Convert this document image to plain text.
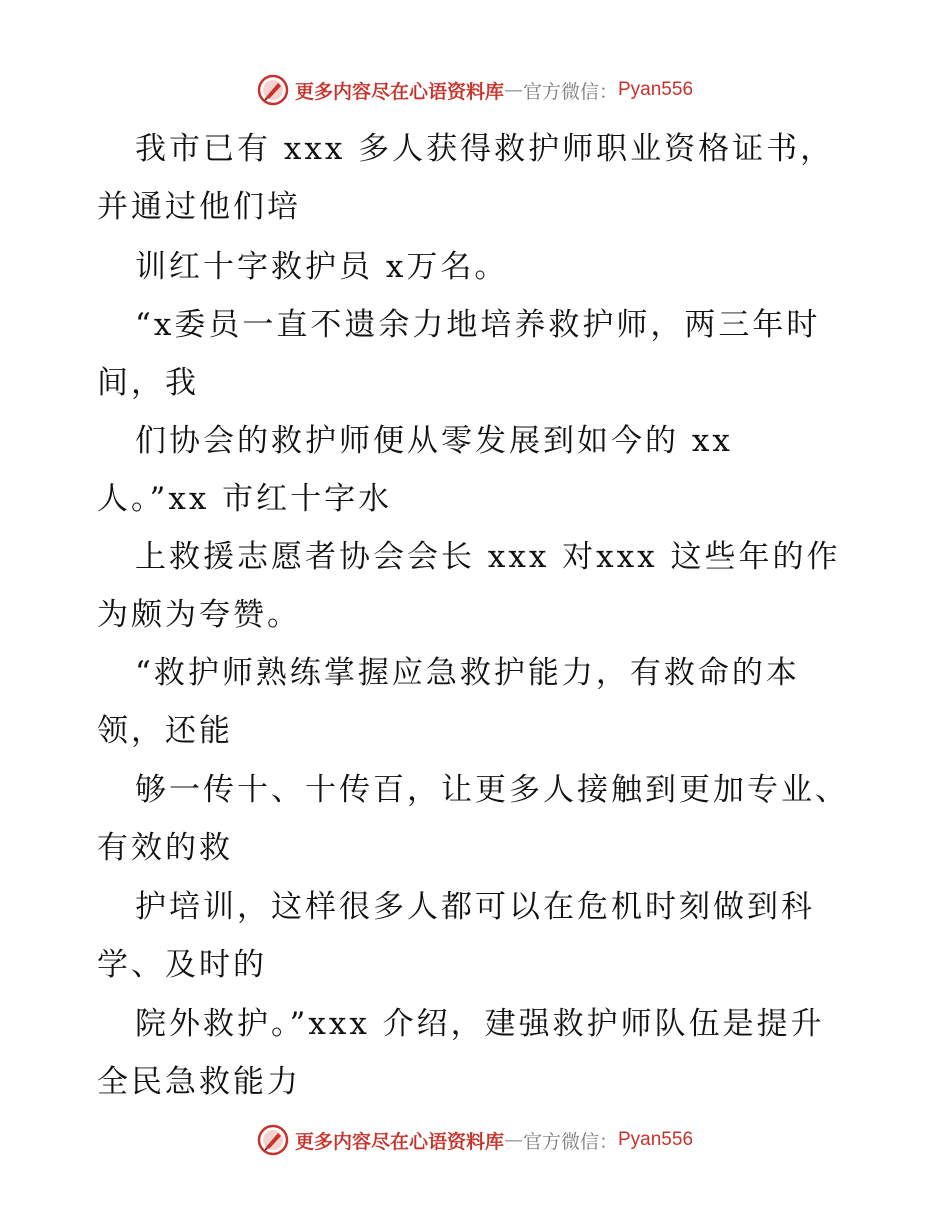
更多内容尽在心语资料库 — 官方微信： Pyan556
我市已有 xxx 多人获得救护师职业资格证书，
并通过他们培
训红十字救护员 x万名。
“x委员一直不遗余力地培养救护师，两三年时
间，我
们协会的救护师便从零发展到如今的 xx
人。”xx 市红十字水
上救援志愿者协会会长 xxx 对xxx 这些年的作
为颇为夸赞。
“救护师熟练掌握应急救护能力，有救命的本
领，还能
够一传十、十传百，让更多人接触到更加专业、
有效的救
护培训，这样很多人都可以在危机时刻做到科
学、及时的
院外救护。”xxx 介绍，建强救护师队伍是提升
全民急救能力
更多内容尽在心语资料库 — 官方微信： Pyan556
